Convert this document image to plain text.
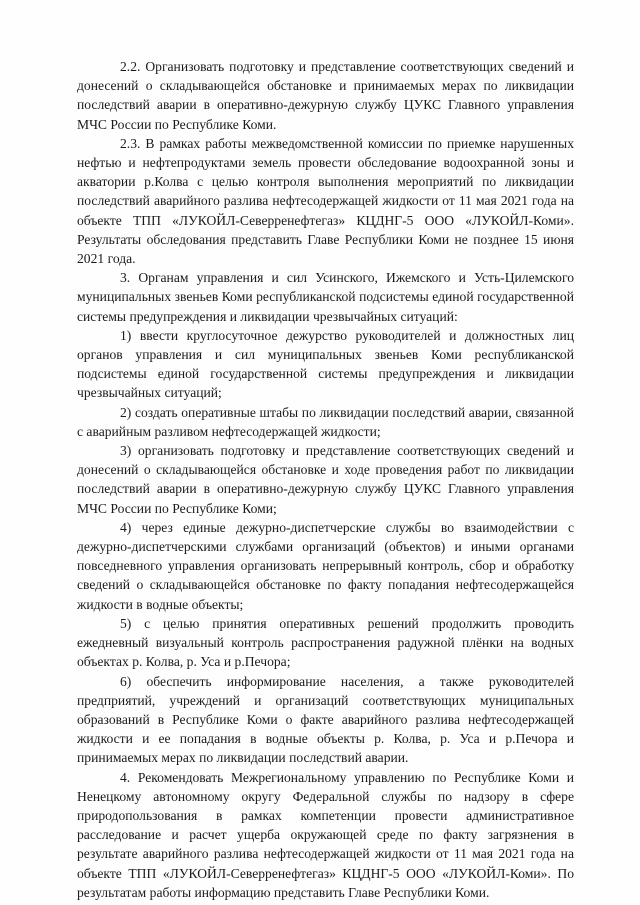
2.2. Организовать подготовку и представление соответствующих сведений и донесений о складывающейся обстановке и принимаемых мерах по ликвидации последствий аварии в оперативно-дежурную службу ЦУКС Главного управления МЧС России по Республике Коми.

2.3. В рамках работы межведомственной комиссии по приемке нарушенных нефтью и нефтепродуктами земель провести обследование водоохранной зоны и акватории р.Колва с целью контроля выполнения мероприятий по ликвидации последствий аварийного разлива нефтесодержащей жидкости от 11 мая 2021 года на объекте ТПП «ЛУКОЙЛ-Северренефтегаз» КЦДНГ-5 ООО «ЛУКОЙЛ-Коми». Результаты обследования представить Главе Республики Коми не позднее 15 июня 2021 года.

3. Органам управления и сил Усинского, Ижемского и Усть-Цилемского муниципальных звеньев Коми республиканской подсистемы единой государственной системы предупреждения и ликвидации чрезвычайных ситуаций:

1) ввести круглосуточное дежурство руководителей и должностных лиц органов управления и сил муниципальных звеньев Коми республиканской подсистемы единой государственной системы предупреждения и ликвидации чрезвычайных ситуаций;

2) создать оперативные штабы по ликвидации последствий аварии, связанной с аварийным разливом нефтесодержащей жидкости;

3) организовать подготовку и представление соответствующих сведений и донесений о складывающейся обстановке и ходе проведения работ по ликвидации последствий аварии в оперативно-дежурную службу ЦУКС Главного управления МЧС России по Республике Коми;

4) через единые дежурно-диспетчерские службы во взаимодействии с дежурно-диспетчерскими службами организаций (объектов) и иными органами повседневного управления организовать непрерывный контроль, сбор и обработку сведений о складывающейся обстановке по факту попадания нефтесодержащейся жидкости в водные объекты;

5) с целью принятия оперативных решений продолжить проводить ежедневный визуальный контроль распространения радужной плёнки на водных объектах р. Колва, р. Уса и р.Печора;

6) обеспечить информирование населения, а также руководителей предприятий, учреждений и организаций соответствующих муниципальных образований в Республике Коми о факте аварийного разлива нефтесодержащей жидкости и ее попадания в водные объекты р. Колва, р. Уса и р.Печора и принимаемых мерах по ликвидации последствий аварии.

4. Рекомендовать Межрегиональному управлению по Республике Коми и Ненецкому автономному округу Федеральной службы по надзору в сфере природопользования в рамках компетенции провести административное расследование и расчет ущерба окружающей среде по факту загрязнения в результате аварийного разлива нефтесодержащей жидкости от 11 мая 2021 года на объекте ТПП «ЛУКОЙЛ-Северренефтегаз» КЦДНГ-5 ООО «ЛУКОЙЛ-Коми». По результатам работы информацию представить Главе Республики Коми.
